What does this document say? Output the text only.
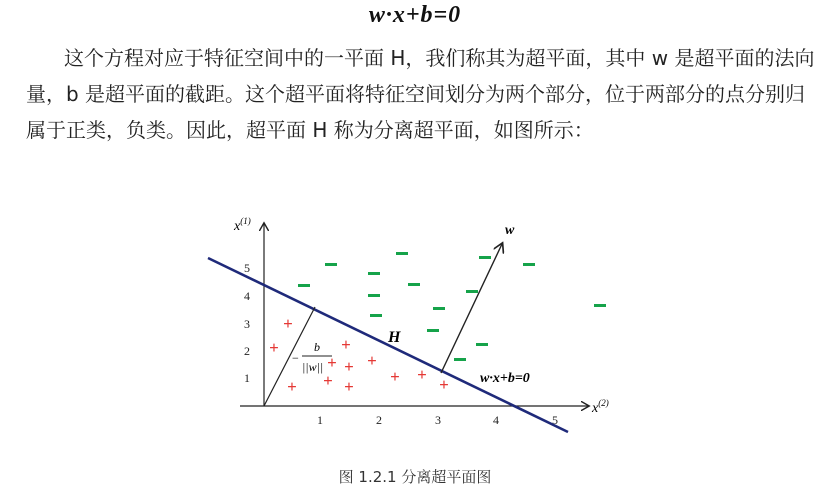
w·x+b=0

这个方程对应于特征空间中的一平面 H，我们称其为超平面，其中 w 是超平面的法向量，b 是超平面的截距。这个超平面将特征空间划分为两个部分，位于两部分的点分别归属于正类，负类。因此，超平面 H 称为分离超平面，如图所示：

$x^{(1)}$
$x^{(2)}$
1	2	3	4	5
1
2
3
4
5
H
−
b
||w||
w
w·x+b=0
+
+
+
+
+ +
+ +
+
+ +
+
图 1.2.1 分离超平面图
